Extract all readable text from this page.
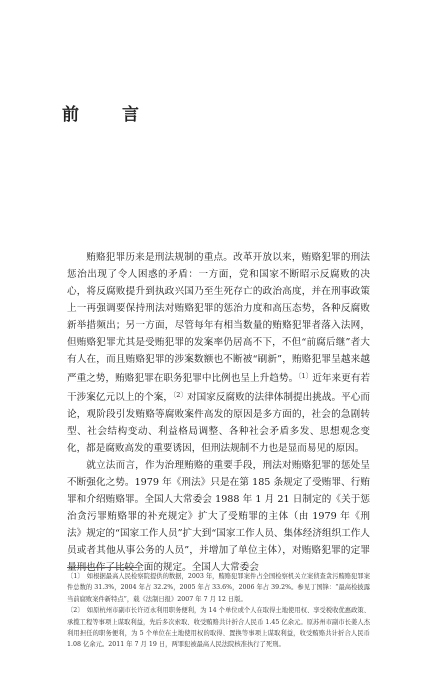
前　言

贿赂犯罪历来是刑法规制的重点。改革开放以来，贿赂犯罪的刑法惩治出现了令人困惑的矛盾：一方面，党和国家不断昭示反腐败的决心，将反腐败提升到执政兴国乃至生死存亡的政治高度，并在刑事政策上一再强调要保持刑法对贿赂犯罪的惩治力度和高压态势，各种反腐败新举措频出；另一方面，尽管每年有相当数量的贿赂犯罪者落入法网，但贿赂犯罪尤其是受贿犯罪的发案率仍居高不下，不但“前腐后继”者大有人在，而且贿赂犯罪的涉案数额也不断被“刷新”，贿赂犯罪呈越来越严重之势，贿赂犯罪在职务犯罪中比例也呈上升趋势。$^{〔1〕}$近年来更有若干涉案亿元以上的个案，$^{〔2〕}$对国家反腐败的法律体制提出挑战。平心而论，观阶段引发贿赂等腐败案件高发的原因是多方面的，社会的急剧转型、社会结构变动、利益格局调整、各种社会矛盾多发、思想观念变化，都是腐败高发的重要诱因，但刑法规制不力也是显而易见的原因。

就立法而言，作为治理贿赂的重要手段，刑法对贿赂犯罪的惩处呈不断强化之势。1979 年《刑法》只是在第 185 条规定了受贿罪、行贿罪和介绍贿赂罪。全国人大常委会 1988 年 1 月 21 日制定的《关于惩治贪污罪贿赂罪的补充规定》扩大了受贿罪的主体（由 1979 年《刑法》规定的“国家工作人员”扩大到“国家工作人员、集体经济组织工作人员或者其他从事公务的人员”，并增加了单位主体），对贿赂犯罪的定罪量刑也作了比较全面的规定。全国人大常委会

〔1〕　如根据最高人民检察院提供的数据，2003 年，贿赂犯罪案件占全国检察机关立案侦查贪污贿赂犯罪案件总数的 31.3%，2004 年占 32.2%，2005 年占 33.6%，2006 年占 39.2%。参见丁国锋：“最高检披露当前腐败案件新特点”，载《法制日报》2007 年 7 月 12 日版。

〔2〕　如原杭州市副市长许迈永利用职务便利，为 14 个单位或个人在取得土地使用权、享受税收优惠政策、承揽工程等事项上谋取利益，先后多次索取、收受贿赂共计折合人民币 1.45 亿余元。原苏州市副市长姜人杰利用担任的职务便利，为 5 个单位在土地使用权的取得、置换等事项上谋取利益，收受贿赂共计折合人民币 1.08 亿余元。2011 年 7 月 19 日，两罪犯被最高人民法院核准执行了死刑。
